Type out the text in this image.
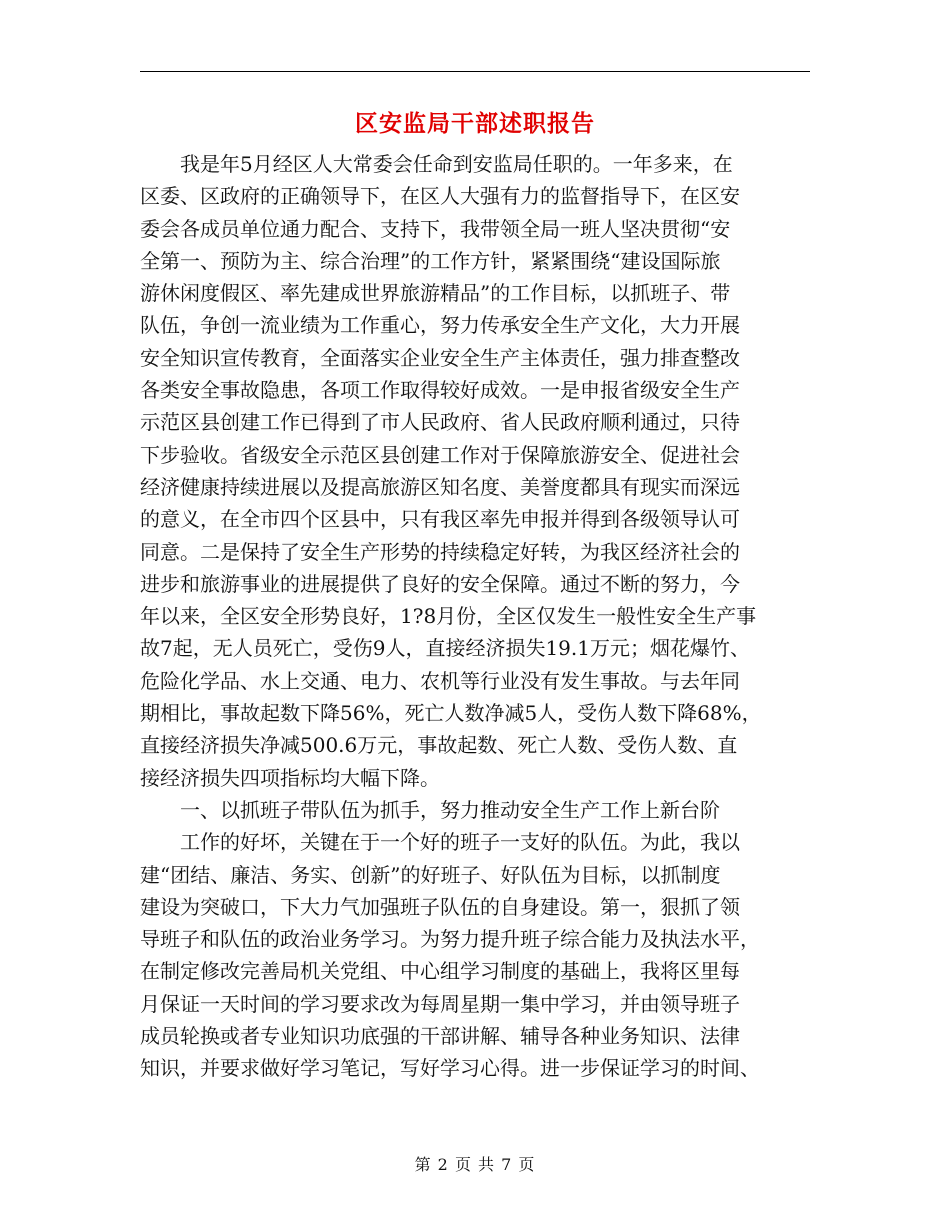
区安监局干部述职报告

我是年5月经区人大常委会任命到安监局任职的。一年多来，在
区委、区政府的正确领导下，在区人大强有力的监督指导下，在区安
委会各成员单位通力配合、支持下，我带领全局一班人坚决贯彻“安
全第一、预防为主、综合治理”的工作方针，紧紧围绕“建设国际旅
游休闲度假区、率先建成世界旅游精品”的工作目标，以抓班子、带
队伍，争创一流业绩为工作重心，努力传承安全生产文化，大力开展
安全知识宣传教育，全面落实企业安全生产主体责任，强力排查整改
各类安全事故隐患，各项工作取得较好成效。一是申报省级安全生产
示范区县创建工作已得到了市人民政府、省人民政府顺利通过，只待
下步验收。省级安全示范区县创建工作对于保障旅游安全、促进社会
经济健康持续进展以及提高旅游区知名度、美誉度都具有现实而深远
的意义，在全市四个区县中，只有我区率先申报并得到各级领导认可
同意。二是保持了安全生产形势的持续稳定好转，为我区经济社会的
进步和旅游事业的进展提供了良好的安全保障。通过不断的努力，今
年以来，全区安全形势良好，1?8月份，全区仅发生一般性安全生产事
故7起，无人员死亡，受伤9人，直接经济损失19.1万元；烟花爆竹、
危险化学品、水上交通、电力、农机等行业没有发生事故。与去年同
期相比，事故起数下降56%，死亡人数净减5人，受伤人数下降68%，
直接经济损失净减500.6万元，事故起数、死亡人数、受伤人数、直
接经济损失四项指标均大幅下降。

一、以抓班子带队伍为抓手，努力推动安全生产工作上新台阶

工作的好坏，关键在于一个好的班子一支好的队伍。为此，我以
建“团结、廉洁、务实、创新”的好班子、好队伍为目标，以抓制度
建设为突破口，下大力气加强班子队伍的自身建设。第一，狠抓了领
导班子和队伍的政治业务学习。为努力提升班子综合能力及执法水平，
在制定修改完善局机关党组、中心组学习制度的基础上，我将区里每
月保证一天时间的学习要求改为每周星期一集中学习，并由领导班子
成员轮换或者专业知识功底强的干部讲解、辅导各种业务知识、法律
知识，并要求做好学习笔记，写好学习心得。进一步保证学习的时间、

第 2 页 共 7 页
